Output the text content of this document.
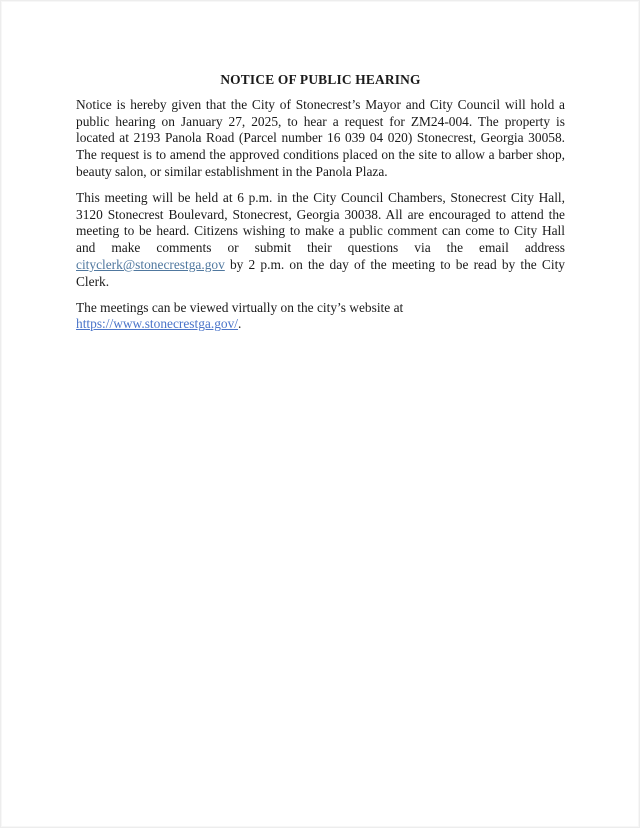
NOTICE OF PUBLIC HEARING

Notice is hereby given that the City of Stonecrest’s Mayor and City Council will hold a public hearing on January 27, 2025, to hear a request for ZM24-004. The property is located at 2193 Panola Road (Parcel number 16 039 04 020) Stonecrest, Georgia 30058. The request is to amend the approved conditions placed on the site to allow a barber shop, beauty salon, or similar establishment in the Panola Plaza.

This meeting will be held at 6 p.m. in the City Council Chambers, Stonecrest City Hall, 3120 Stonecrest Boulevard, Stonecrest, Georgia 30038. All are encouraged to attend the meeting to be heard. Citizens wishing to make a public comment can come to City Hall and make comments or submit their questions via the email address cityclerk@stonecrestga.gov by 2 p.m. on the day of the meeting to be read by the City Clerk.

The meetings can be viewed virtually on the city’s website at https://www.stonecrestga.gov/.
